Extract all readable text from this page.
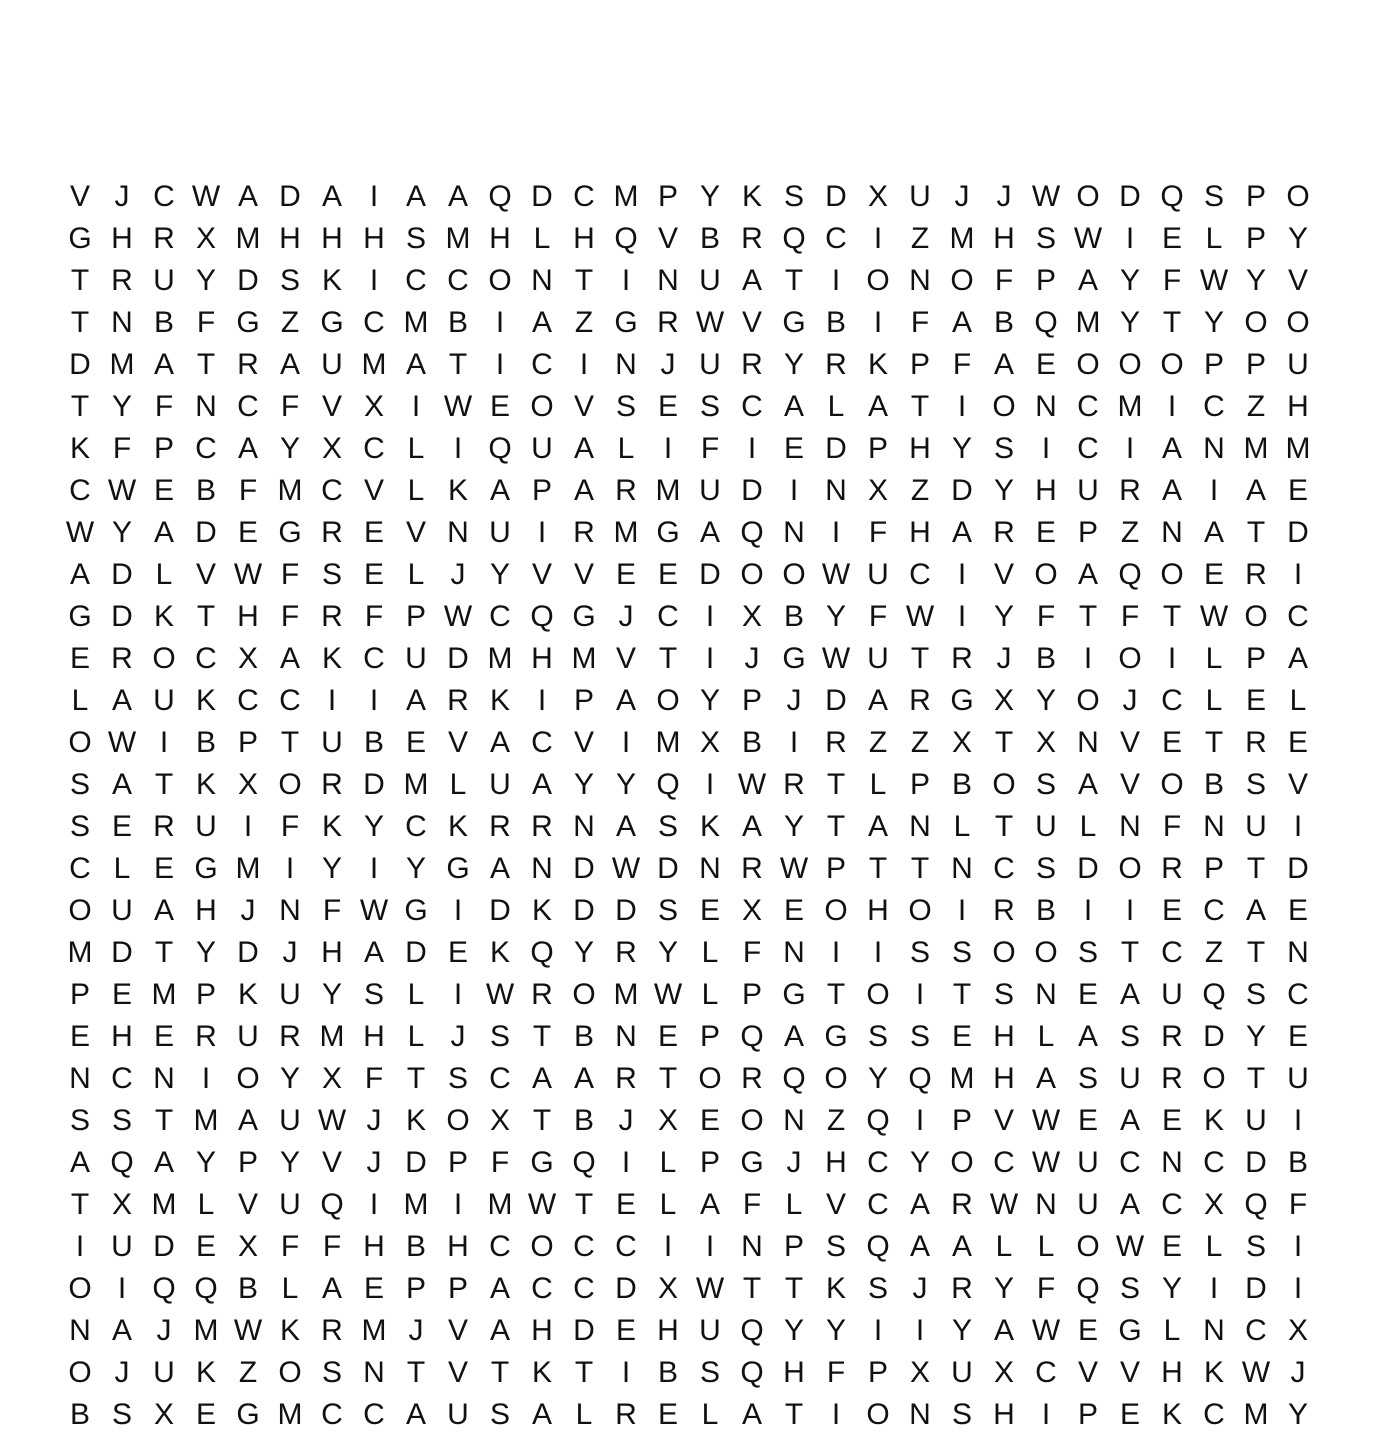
V J C W A D A I A A Q D C M P Y K S D X U J J W O D Q S P O
G H R X M H H H S M H L H Q V B R Q C I Z M H S W I E L P Y
T R U Y D S K I C C O N T I N U A T I O N O F P A Y F W Y V
T N B F G Z G C M B I A Z G R W V G B I F A B Q M Y T Y O O
D M A T R A U M A T I C I N J U R Y R K P F A E O O O P P U
T Y F N C F V X I W E O V S E S C A L A T I O N C M I C Z H
K F P C A Y X C L I Q U A L I F I E D P H Y S I C I A N M M
C W E B F M C V L K A P A R M U D I N X Z D Y H U R A I A E
W Y A D E G R E V N U I R M G A Q N I F H A R E P Z N A T D
A D L V W F S E L J Y V V E E D O O W U C I V O A Q O E R I
G D K T H F R F P W C Q G J C I X B Y F W I Y F T F T W O C
E R O C X A K C U D M H M V T I	J G W U T R J B I O I L P A
L A U K C C I	I A R K I P A O Y P J D A R G X Y O J C L E L
O W I B P T U B E V A C V I M X B I R Z Z X T X N V E T R E
S A T K X O R D M L U A Y Y Q I W R T L P B O S A V O B S V
S E R U I F K Y C K R R N A S K A Y T A N L T U L N F N U I
C L E G M I Y I Y G A N D W D N R W P T T N C S D O R P T D
O U A H J N F W G I D K D D S E X E O H O I R B I	I E C A E
M D T Y D J H A D E K Q Y R Y L F N I	I S S O O S T C Z T N
P E M P K U Y S L I W R O M W L P G T O I T S N E A U Q S C
E H E R U R M H L J S T B N E P Q A G S S E H L A S R D Y E
N C N I O Y X F T S C A A R T O R Q O Y Q M H A S U R O T U
S S T M A U W J K O X T B J X E O N Z Q I P V W E A E K U I
A Q A Y P Y V J D P F G Q I L P G J H C Y O C W U C N C D B
T X M L V U Q I M I M W T E L A F L V C A R W N U A C X Q F
I U D E X F F H B H C O C C I	I N P S Q A A L L O W E L S I
O I Q Q B L A E P P A C C D X W T T K S J R Y F Q S Y I D I
N A J M W K R M J V A H D E H U Q Y Y I	I Y A W E G L N C X
O J U K Z O S N T V T K T I B S Q H F P X U X C V V H K W J
B S X E G M C C A U S A L R E L A T I O N S H I P E K C M Y
